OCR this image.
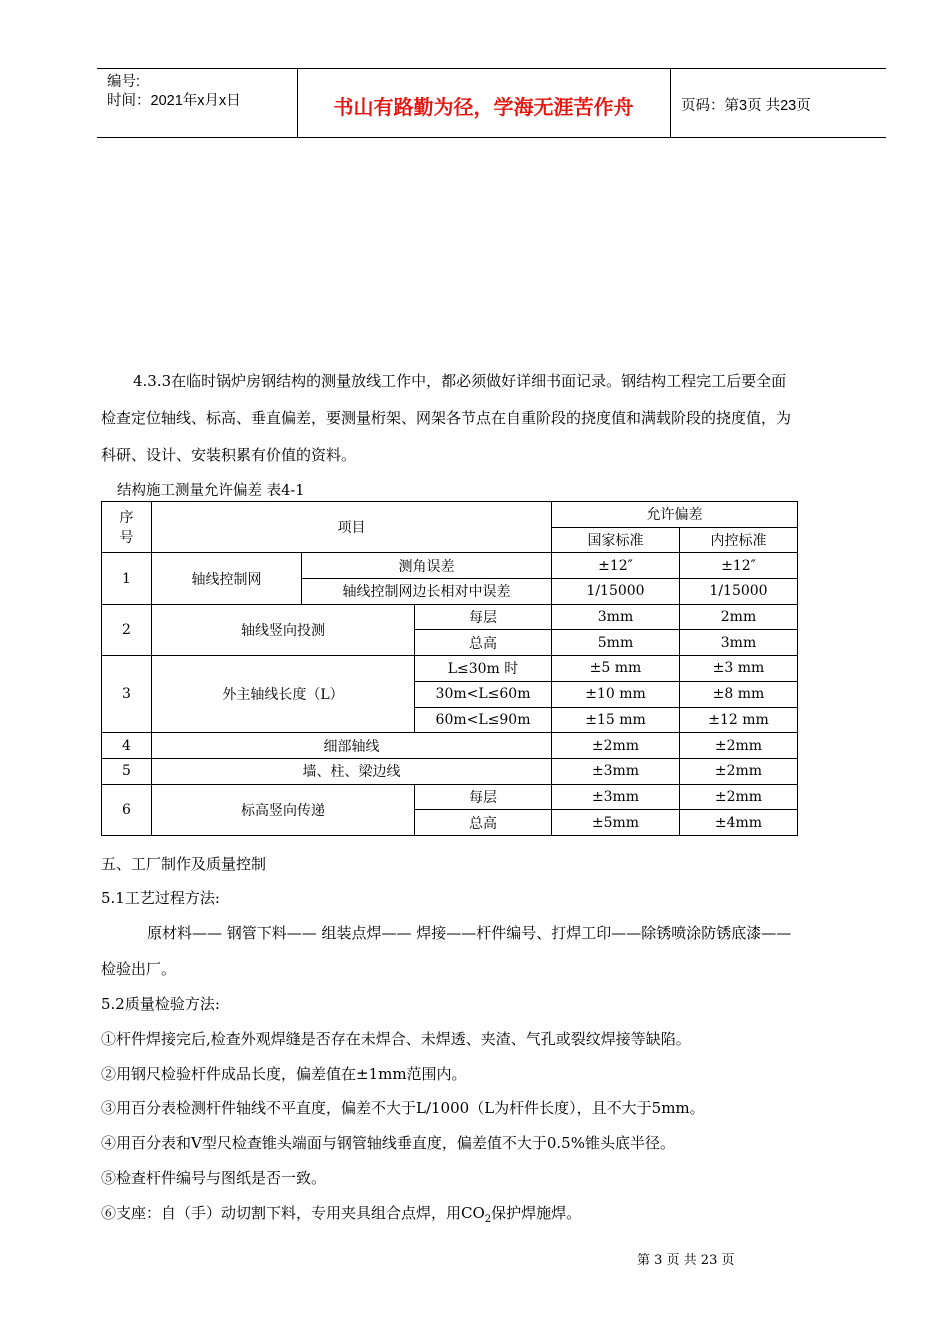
编号:
时间：2021年x月x日	书山有路勤为径，学海无涯苦作舟	页码：第3页 共23页
4.3.3在临时锅炉房钢结构的测量放线工作中，都必须做好详细书面记录。钢结构工程完工后要全面
检查定位轴线、标高、垂直偏差，要测量桁架、网架各节点在自重阶段的挠度值和满载阶段的挠度值，为
科研、设计、安装积累有价值的资料。
结构施工测量允许偏差 表4-1
序号	项目			允许偏差	
				国家标准	内控标准
1	轴线控制网	测角误差		±12″	±12″
		轴线控制网边长相对中误差		1/15000	1/15000
2	轴线竖向投测		每层	3mm	2mm
			总高	5mm	3mm
3	外主轴线长度（L）		L≤30m 时	±5 mm	±3 mm
			30m<L≤60m	±10 mm	±8 mm
			60m<L≤90m	±15 mm	±12 mm
4	细部轴线			±2mm	±2mm
5	墙、柱、梁边线			±3mm	±2mm
6	标高竖向传递		每层	±3mm	±2mm
			总高	±5mm	±4mm
五、工厂制作及质量控制
5.1工艺过程方法:
原材料—— 钢管下料—— 组装点焊—— 焊接——杆件编号、打焊工印——除锈喷涂防锈底漆——
检验出厂。
5.2质量检验方法:
①杆件焊接完后,检查外观焊缝是否存在未焊合、未焊透、夹渣、气孔或裂纹焊接等缺陷。
②用钢尺检验杆件成品长度，偏差值在±1mm范围内。
③用百分表检测杆件轴线不平直度，偏差不大于L/1000（L为杆件长度），且不大于5mm。
④用百分表和V型尺检查锥头端面与钢管轴线垂直度，偏差值不大于0.5%锥头底半径。
⑤检查杆件编号与图纸是否一致。
⑥支座：自（手）动切割下料，专用夹具组合点焊，用$CO_2$保护焊施焊。
第 3 页 共 23 页
